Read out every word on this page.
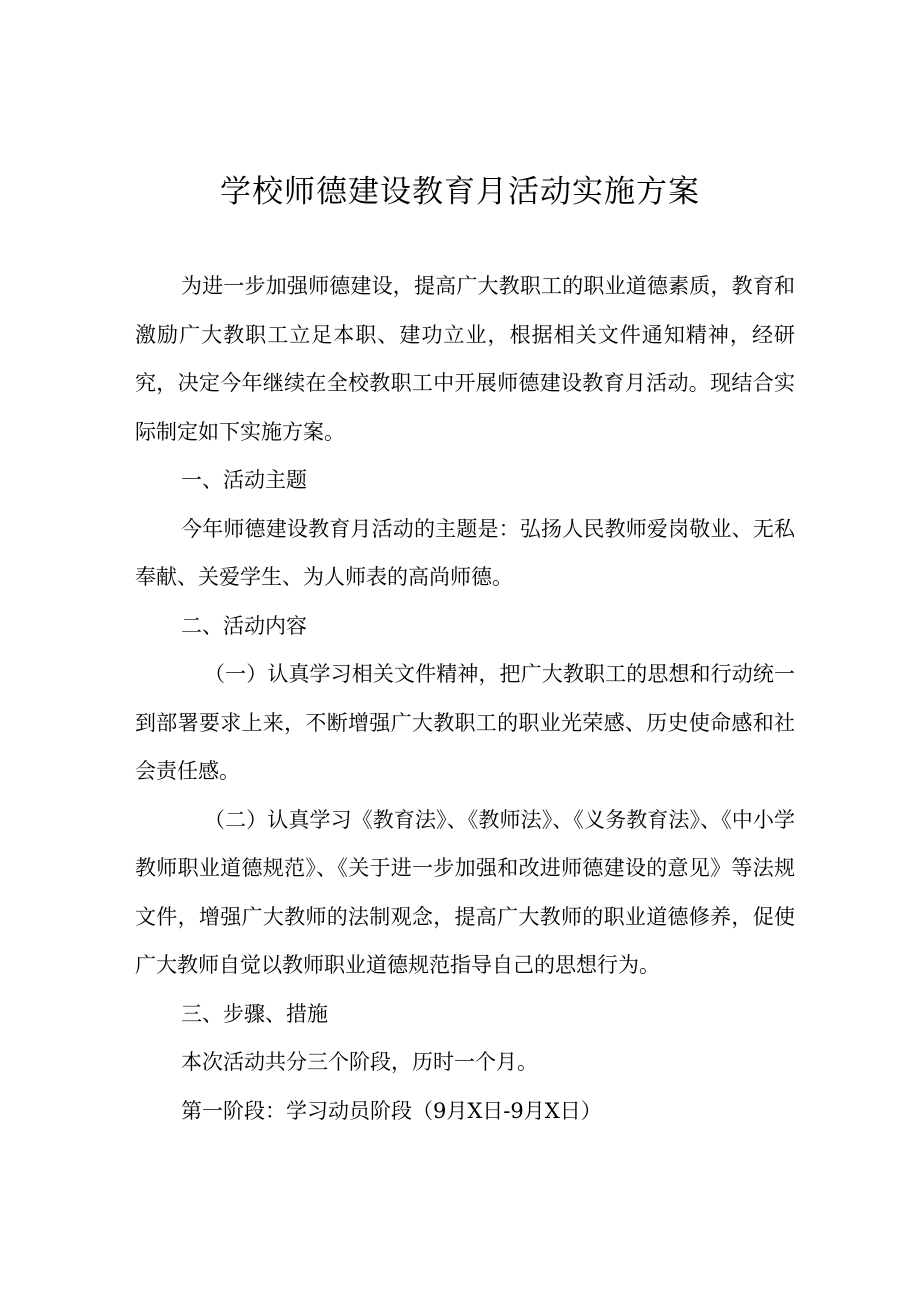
学校师德建设教育月活动实施方案

为进一步加强师德建设，提高广大教职工的职业道德素质，教育和激励广大教职工立足本职、建功立业，根据相关文件通知精神，经研究，决定今年继续在全校教职工中开展师德建设教育月活动。现结合实际制定如下实施方案。

一、活动主题

今年师德建设教育月活动的主题是：弘扬人民教师爱岗敬业、无私奉献、关爱学生、为人师表的高尚师德。

二、活动内容

（一）认真学习相关文件精神，把广大教职工的思想和行动统一到部署要求上来，不断增强广大教职工的职业光荣感、历史使命感和社会责任感。

（二）认真学习《教育法》、《教师法》、《义务教育法》、《中小学教师职业道德规范》、《关于进一步加强和改进师德建设的意见》等法规文件，增强广大教师的法制观念，提高广大教师的职业道德修养，促使广大教师自觉以教师职业道德规范指导自己的思想行为。

三、步骤、措施

本次活动共分三个阶段，历时一个月。

第一阶段：学习动员阶段（9月X日-9月X日）
